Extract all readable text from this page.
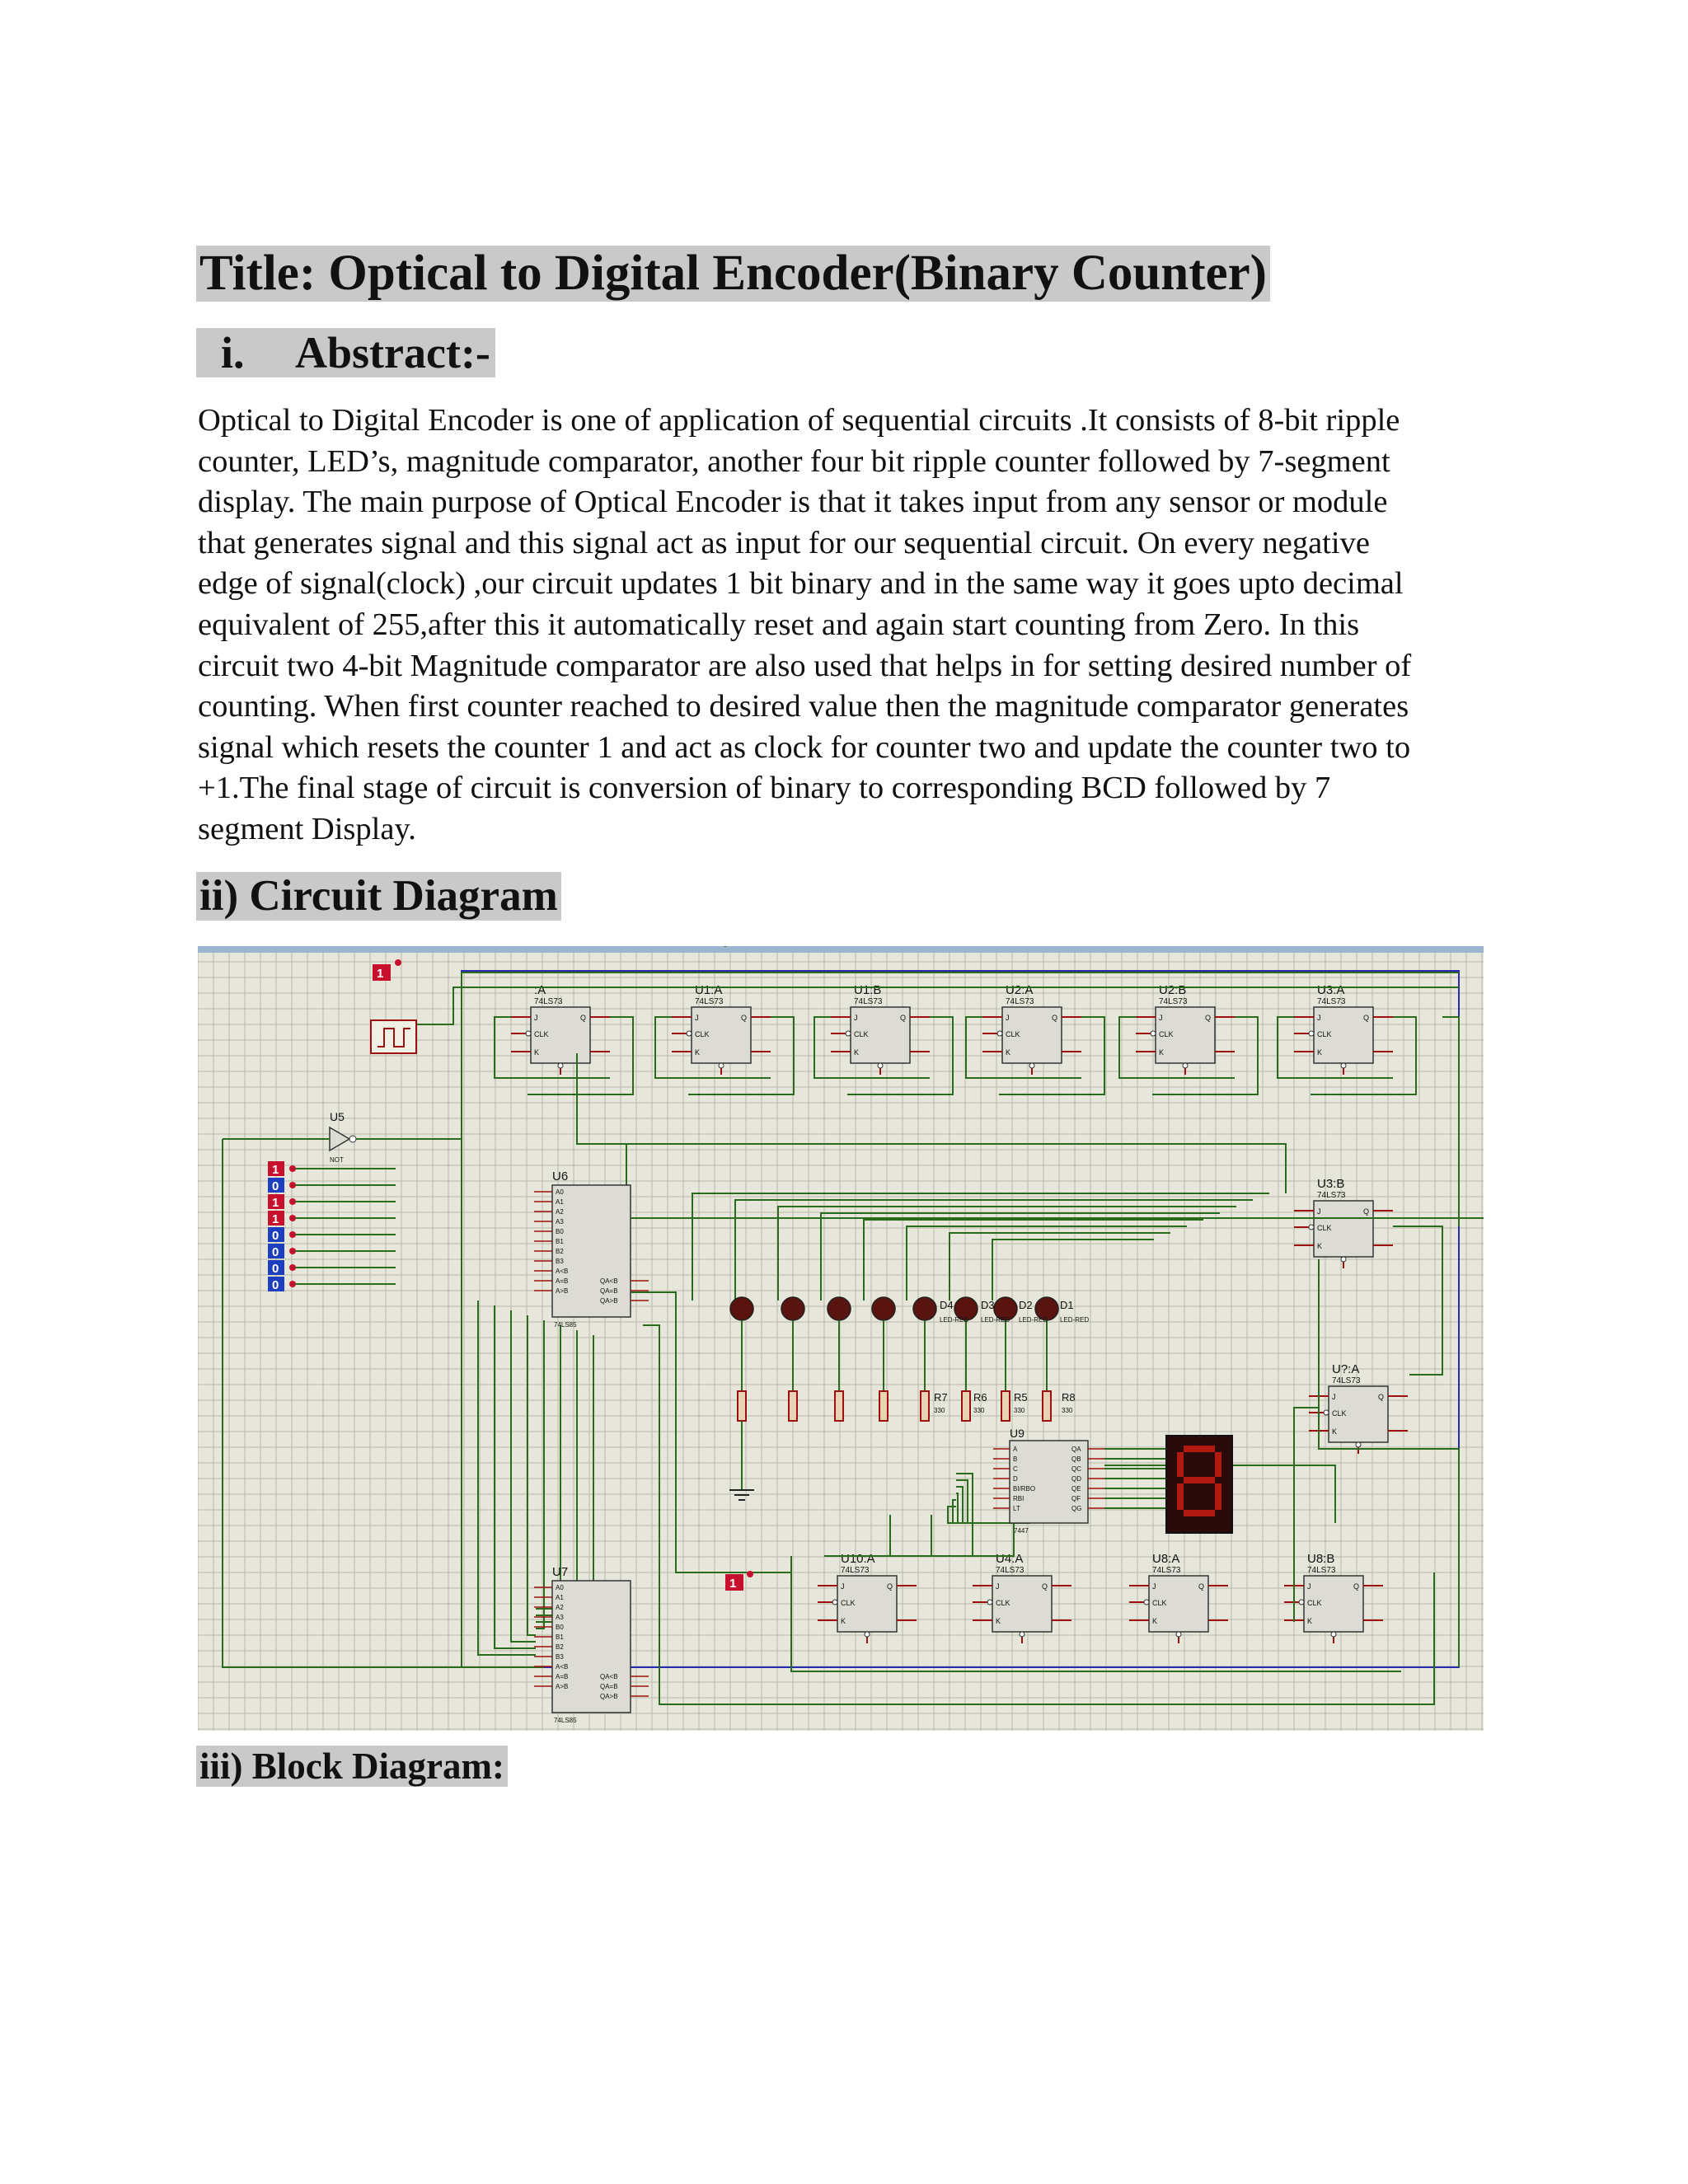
Title: Optical to Digital Encoder(Binary Counter)
i. Abstract:-

Optical to Digital Encoder is one of application of sequential circuits .It consists of 8-bit ripple
counter, LED’s, magnitude comparator, another four bit ripple counter followed by 7-segment
display. The main purpose of Optical Encoder is that it takes input from any sensor or module
that generates signal and this signal act as input for our sequential circuit. On every negative
edge of signal(clock) ,our circuit updates 1 bit binary and in the same way it goes upto decimal
equivalent of 255,after this it automatically reset and again start counting from Zero. In this
circuit two 4-bit Magnitude comparator are also used that helps in for setting desired number of
counting. When first counter reached to desired value then the magnitude comparator generates
signal which resets the counter 1 and act as clock for counter two and update the counter two to
+1.The final stage of circuit is conversion of binary to corresponding BCD followed by 7
segment Display.

ii) Circuit Diagram
:A
74LS73
J
CLK
K
Q
U1:A
74LS73
J
CLK
K
Q
U1:B
74LS73
J
CLK
K
Q
U2:A
74LS73
J
CLK
K
Q
U2:B
74LS73
J
CLK
K
Q
U3:A
74LS73
J
CLK
K
Q
U3:B
74LS73
J
CLK
K
Q
U?:A
74LS73
J
CLK
K
Q
U10:A
74LS73
J
CLK
K
Q
U4:A
74LS73
J
CLK
K
Q
U8:A
74LS73
J
CLK
K
Q
U8:B
74LS73
J
CLK
K
Q
1
0
1
1
0
0
0
0
1
1
U5
NOT
U6
A0
A1
A2
A3
B0
B1
B2
B3
A<B
A=B
A>B
QA<B
QA=B
QA>B
74LS85
U7
A0
A1
A2
A3
B0
B1
B2
B3
A<B
A=B
A>B
QA<B
QA=B
QA>B
74LS85
D4
LED-RED
D3
LED-RED
D2
LED-RED
D1
LED-RED
R7
330
R6
330
R5
330
R8
330
U9
A
B
C
D
BI/RBO
RBI
LT
QA
QB
QC
QD
QE
QF
QG
7447
iii) Block Diagram:
